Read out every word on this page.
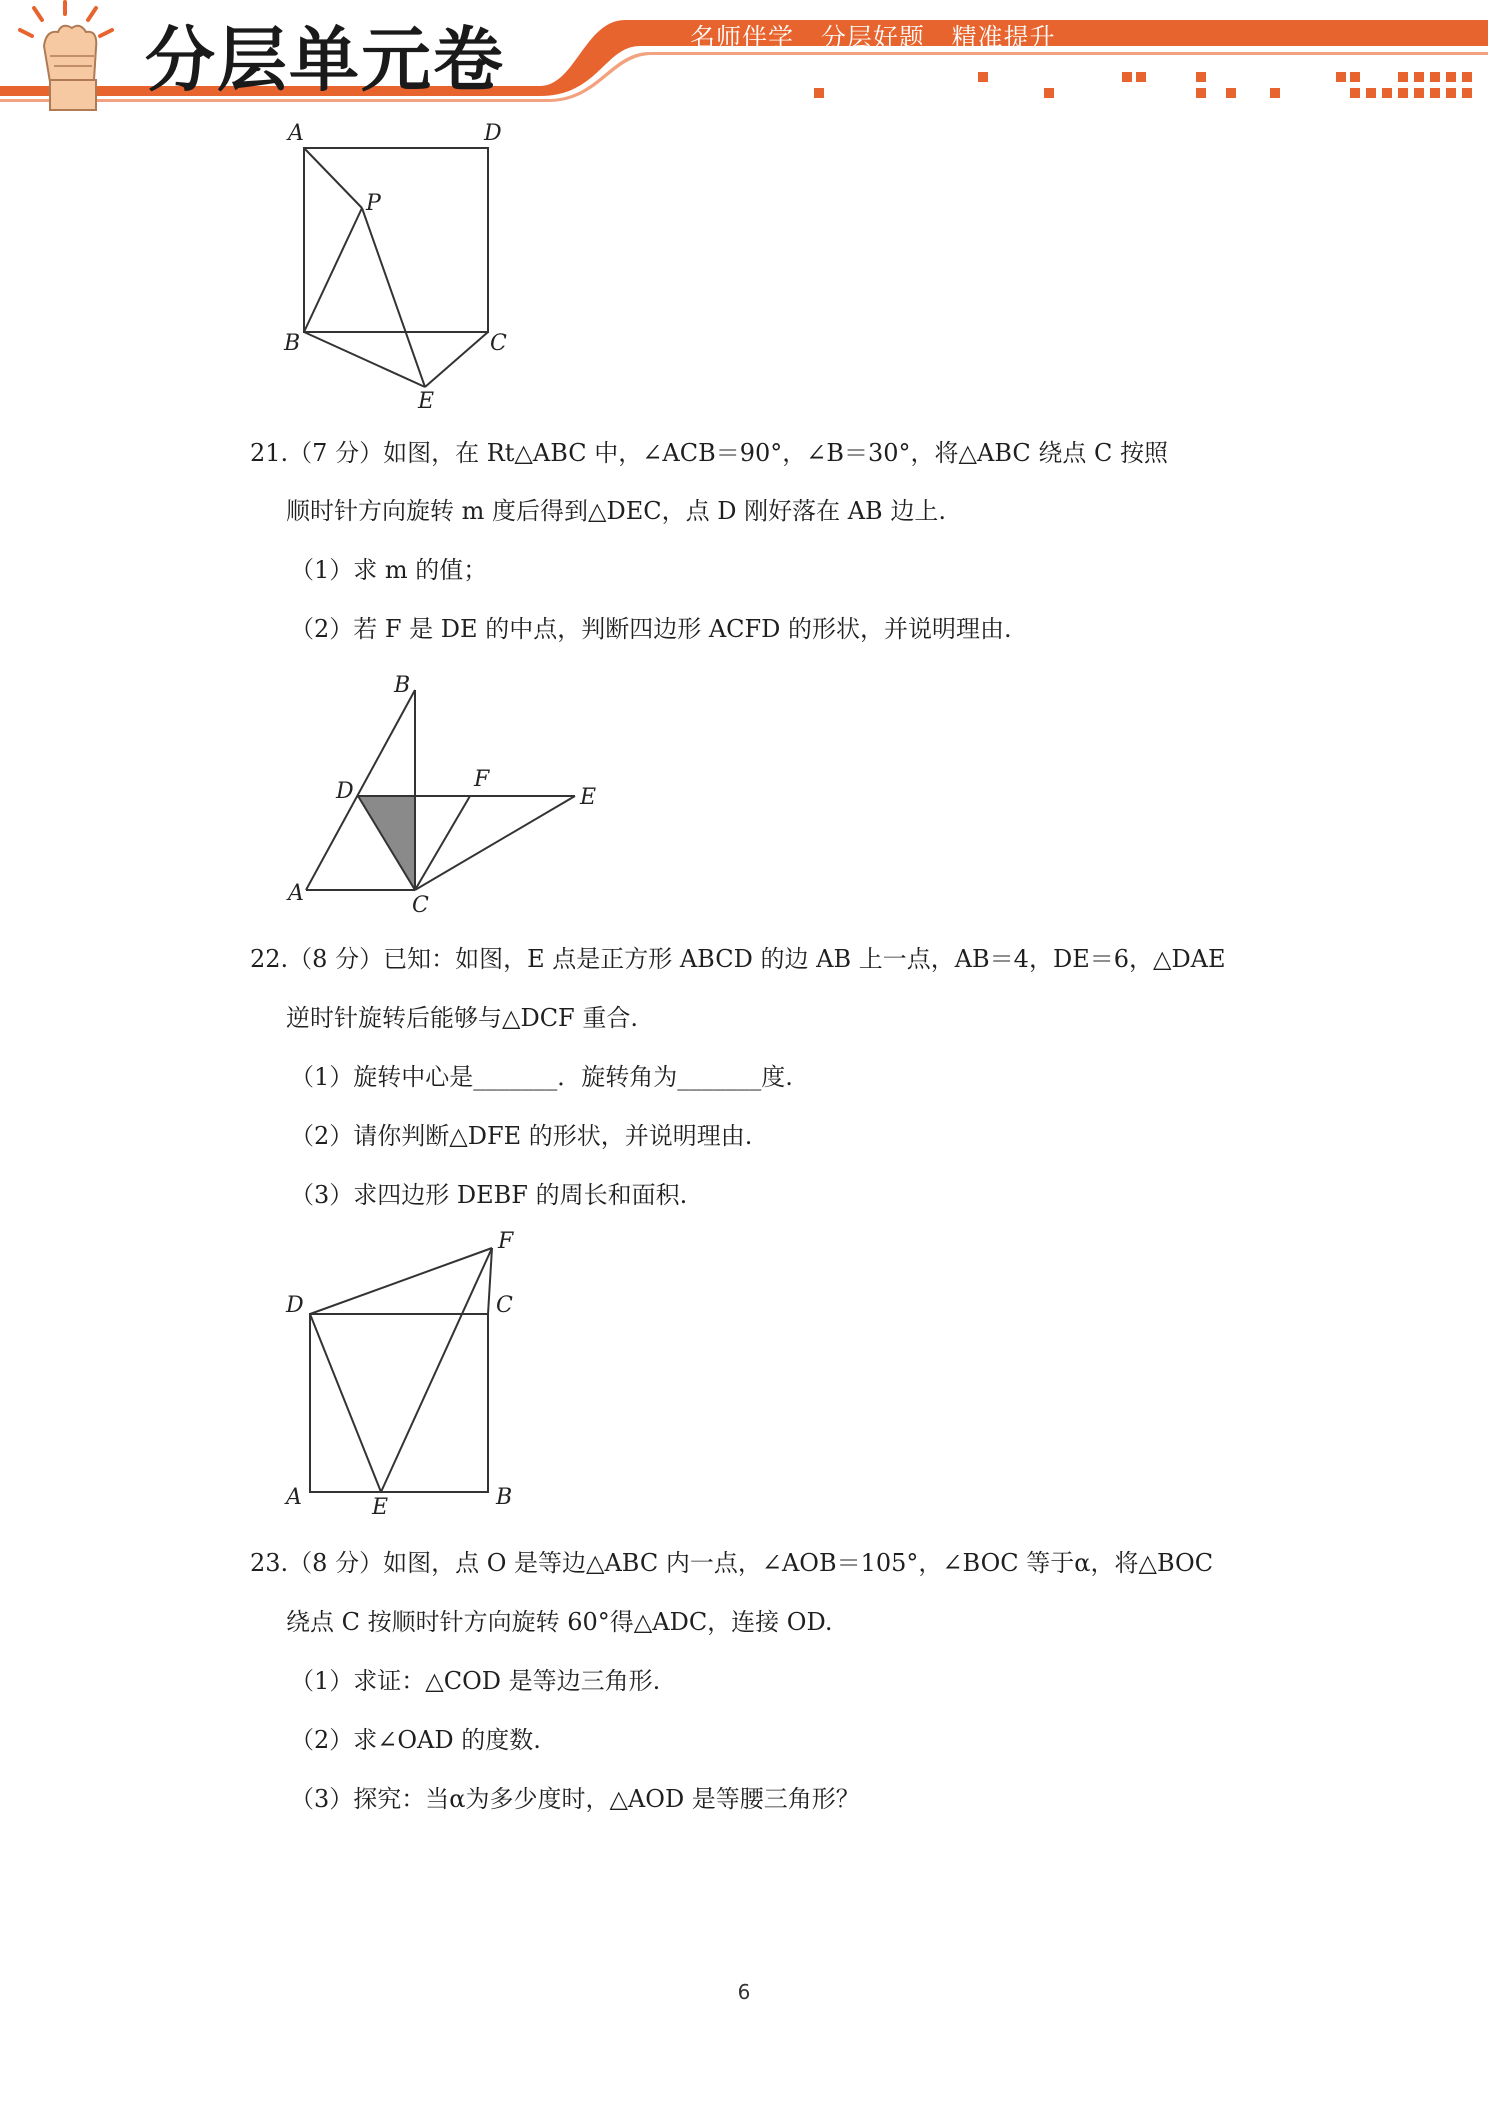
分层单元卷	名师伴学   分层好题   精准提升
A	D
P
B	C
E
21.（7 分）如图，在 Rt△ABC 中，∠ACB＝90°，∠B＝30°，将△ABC 绕点 C 按照
顺时针方向旋转 m 度后得到△DEC，点 D 刚好落在 AB 边上.
（1）求 m 的值；
（2）若 F 是 DE 的中点，判断四边形 ACFD 的形状，并说明理由.
B
D	F
E
A	C
22.（8 分）已知：如图，E 点是正方形 ABCD 的边 AB 上一点，AB＝4，DE＝6，△DAE
逆时针旋转后能够与△DCF 重合.
（1）旋转中心是_______．旋转角为_______度.
（2）请你判断△DFE 的形状，并说明理由.
（3）求四边形 DEBF 的周长和面积.
F
D	C
A	E	B
23.（8 分）如图，点 O 是等边△ABC 内一点，∠AOB＝105°，∠BOC 等于α，将△BOC
绕点 C 按顺时针方向旋转 60°得△ADC，连接 OD.
（1）求证：△COD 是等边三角形.
（2）求∠OAD 的度数.
（3）探究：当α为多少度时，△AOD 是等腰三角形？
6
